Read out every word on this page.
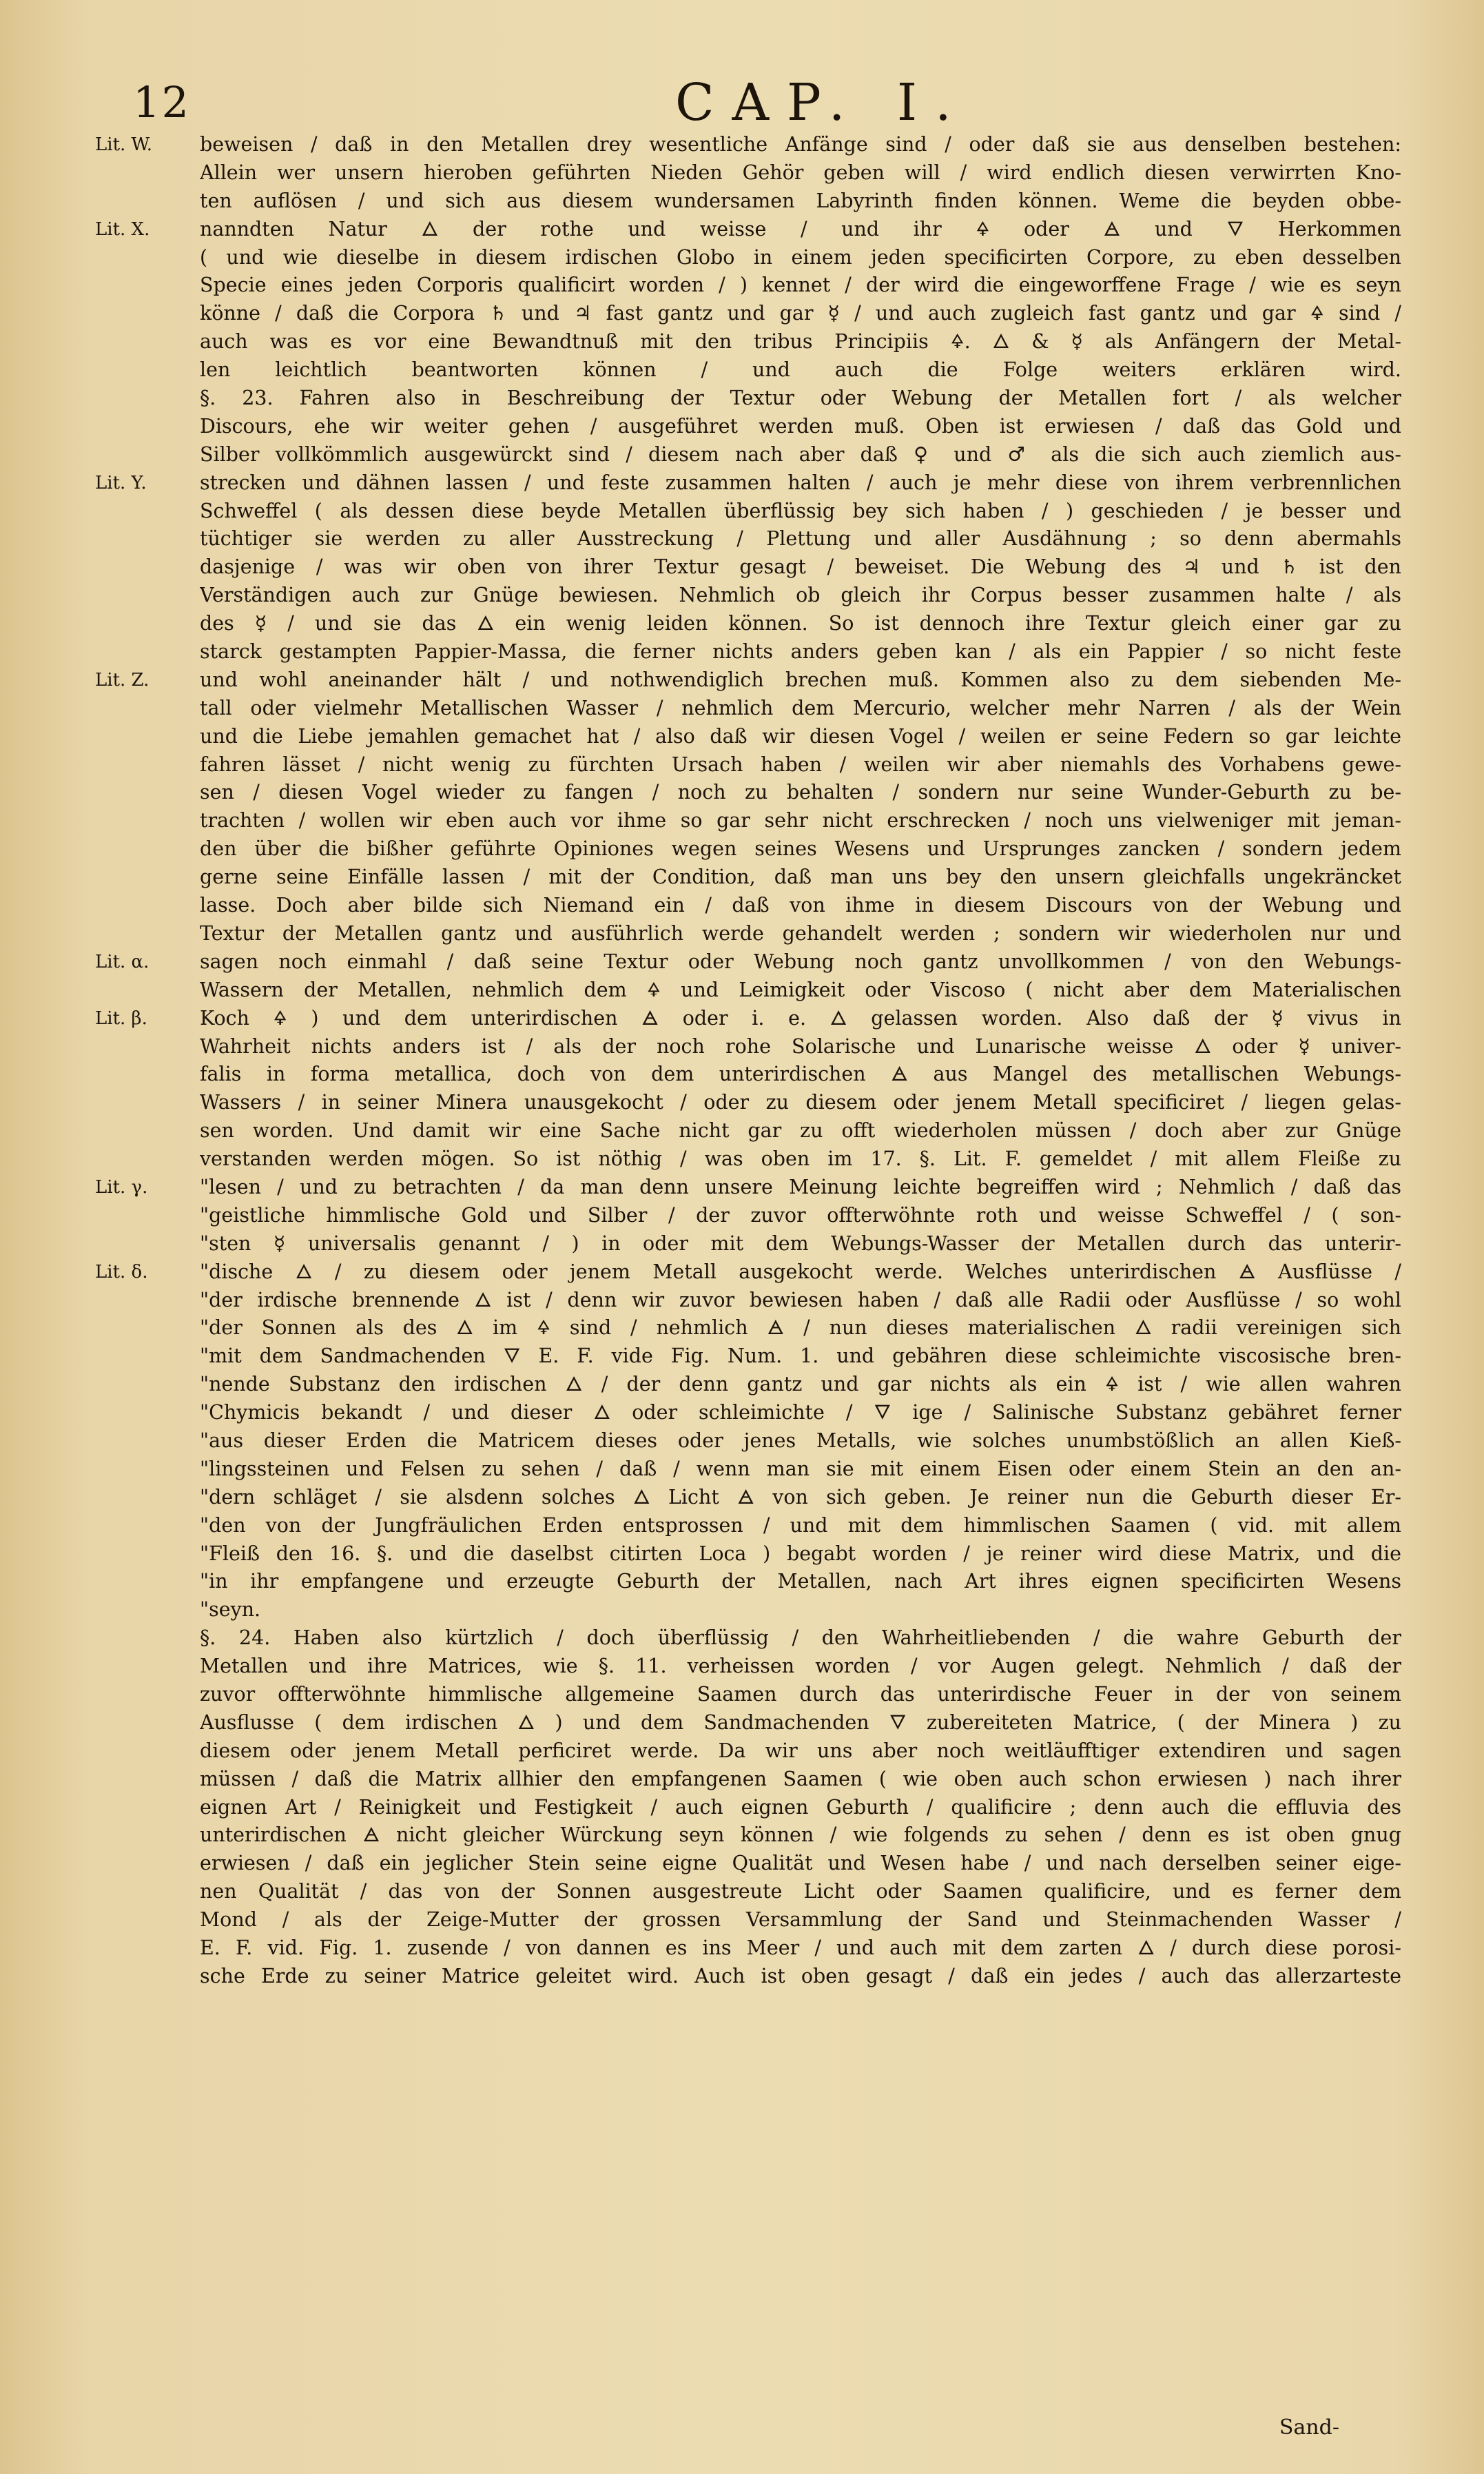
12	CAP. I.
Lit. W.	beweisen / daß in den Metallen drey wesentliche Anfänge sind / oder daß sie aus denselben bestehen:
Allein wer unsern hieroben geführten Nieden Gehör geben will / wird endlich diesen verwirrten Kno-
ten auflösen / und sich aus diesem wundersamen Labyrinth finden können. Weme die beyden obbe-
Lit. X.	nanndten Natur 🜂 der rothe und weisse / und ihr 🜍 oder 🜁 und 🜄 Herkommen
( und wie dieselbe in diesem irdischen Globo in einem jeden specificirten Corpore, zu eben desselben
Specie eines jeden Corporis qualificirt worden / ) kennet / der wird die eingeworffene Frage / wie es seyn
könne / daß die Corpora ♄ und ♃ fast gantz und gar ☿ / und auch zugleich fast gantz und gar 🜍 sind /
auch was es vor eine Bewandtnuß mit den tribus Principiis 🜍. 🜂 & ☿ als Anfängern der Metal-
len leichtlich beantworten können / und auch die Folge weiters erklären wird.
§. 23. Fahren also in Beschreibung der Textur oder Webung der Metallen fort / als welcher
Discours, ehe wir weiter gehen / ausgeführet werden muß. Oben ist erwiesen / daß das Gold und
Silber vollkömmlich ausgewürckt sind / diesem nach aber daß ♀ und ♂ als die sich auch ziemlich aus-
Lit. Y.	strecken und dähnen lassen / und feste zusammen halten / auch je mehr diese von ihrem verbrennlichen
Schweffel ( als dessen diese beyde Metallen überflüssig bey sich haben / ) geschieden / je besser und
tüchtiger sie werden zu aller Ausstreckung / Plettung und aller Ausdähnung ; so denn abermahls
dasjenige / was wir oben von ihrer Textur gesagt / beweiset. Die Webung des ♃ und ♄ ist den
Verständigen auch zur Gnüge bewiesen. Nehmlich ob gleich ihr Corpus besser zusammen halte / als
des ☿ / und sie das 🜂 ein wenig leiden können. So ist dennoch ihre Textur gleich einer gar zu
starck gestampten Pappier-Massa, die ferner nichts anders geben kan / als ein Pappier / so nicht feste
Lit. Z.	und wohl aneinander hält / und nothwendiglich brechen muß. Kommen also zu dem siebenden Me-
tall oder vielmehr Metallischen Wasser / nehmlich dem Mercurio, welcher mehr Narren / als der Wein
und die Liebe jemahlen gemachet hat / also daß wir diesen Vogel / weilen er seine Federn so gar leichte
fahren lässet / nicht wenig zu fürchten Ursach haben / weilen wir aber niemahls des Vorhabens gewe-
sen / diesen Vogel wieder zu fangen / noch zu behalten / sondern nur seine Wunder-Geburth zu be-
trachten / wollen wir eben auch vor ihme so gar sehr nicht erschrecken / noch uns vielweniger mit jeman-
den über die bißher geführte Opiniones wegen seines Wesens und Ursprunges zancken / sondern jedem
gerne seine Einfälle lassen / mit der Condition, daß man uns bey den unsern gleichfalls ungekräncket
lasse. Doch aber bilde sich Niemand ein / daß von ihme in diesem Discours von der Webung und
Textur der Metallen gantz und ausführlich werde gehandelt werden ; sondern wir wiederholen nur und
Lit. α.	sagen noch einmahl / daß seine Textur oder Webung noch gantz unvollkommen / von den Webungs-
Wassern der Metallen, nehmlich dem 🜍 und Leimigkeit oder Viscoso ( nicht aber dem Materialischen
Lit. β.	Koch 🜍 ) und dem unterirdischen 🜁 oder i. e. 🜂 gelassen worden. Also daß der ☿ vivus in
Wahrheit nichts anders ist / als der noch rohe Solarische und Lunarische weisse 🜂 oder ☿ univer-
falis in forma metallica, doch von dem unterirdischen 🜁 aus Mangel des metallischen Webungs-
Wassers / in seiner Minera unausgekocht / oder zu diesem oder jenem Metall specificiret / liegen gelas-
sen worden. Und damit wir eine Sache nicht gar zu offt wiederholen müssen / doch aber zur Gnüge
verstanden werden mögen. So ist nöthig / was oben im 17. §. Lit. F. gemeldet / mit allem Fleiße zu
Lit. γ.	"lesen / und zu betrachten / da man denn unsere Meinung leichte begreiffen wird ; Nehmlich / daß das
"geistliche himmlische Gold und Silber / der zuvor offterwöhnte roth und weisse Schweffel / ( son-
"sten ☿ universalis genannt / ) in oder mit dem Webungs-Wasser der Metallen durch das unterir-
Lit. δ.	"dische 🜂 / zu diesem oder jenem Metall ausgekocht werde. Welches unterirdischen 🜁 Ausflüsse /
"der irdische brennende 🜂 ist / denn wir zuvor bewiesen haben / daß alle Radii oder Ausflüsse / so wohl
"der Sonnen als des 🜂 im 🜍 sind / nehmlich 🜁 / nun dieses materialischen 🜂 radii vereinigen sich
"mit dem Sandmachenden 🜄 E. F. vide Fig. Num. 1. und gebähren diese schleimichte viscosische bren-
"nende Substanz den irdischen 🜂 / der denn gantz und gar nichts als ein 🜍 ist / wie allen wahren
"Chymicis bekandt / und dieser 🜂 oder schleimichte / 🜄 ige / Salinische Substanz gebähret ferner
"aus dieser Erden die Matricem dieses oder jenes Metalls, wie solches unumbstößlich an allen Kieß-
"lingssteinen und Felsen zu sehen / daß / wenn man sie mit einem Eisen oder einem Stein an den an-
"dern schläget / sie alsdenn solches 🜂 Licht 🜁 von sich geben. Je reiner nun die Geburth dieser Er-
"den von der Jungfräulichen Erden entsprossen / und mit dem himmlischen Saamen ( vid. mit allem
"Fleiß den 16. §. und die daselbst citirten Loca ) begabt worden / je reiner wird diese Matrix, und die
"in ihr empfangene und erzeugte Geburth der Metallen, nach Art ihres eignen specificirten Wesens
"seyn.
§. 24. Haben also kürtzlich / doch überflüssig / den Wahrheitliebenden / die wahre Geburth der
Metallen und ihre Matrices, wie §. 11. verheissen worden / vor Augen gelegt. Nehmlich / daß der
zuvor offterwöhnte himmlische allgemeine Saamen durch das unterirdische Feuer in der von seinem
Ausflusse ( dem irdischen 🜂 ) und dem Sandmachenden 🜄 zubereiteten Matrice, ( der Minera ) zu
diesem oder jenem Metall perficiret werde. Da wir uns aber noch weitläufftiger extendiren und sagen
müssen / daß die Matrix allhier den empfangenen Saamen ( wie oben auch schon erwiesen ) nach ihrer
eignen Art / Reinigkeit und Festigkeit / auch eignen Geburth / qualificire ; denn auch die effluvia des
unterirdischen 🜁 nicht gleicher Würckung seyn können / wie folgends zu sehen / denn es ist oben gnug
erwiesen / daß ein jeglicher Stein seine eigne Qualität und Wesen habe / und nach derselben seiner eige-
nen Qualität / das von der Sonnen ausgestreute Licht oder Saamen qualificire, und es ferner dem
Mond / als der Zeige-Mutter der grossen Versammlung der Sand und Steinmachenden Wasser /
E. F. vid. Fig. 1. zusende / von dannen es ins Meer / und auch mit dem zarten 🜂 / durch diese porosi-
sche Erde zu seiner Matrice geleitet wird. Auch ist oben gesagt / daß ein jedes / auch das allerzarteste
Sand-
